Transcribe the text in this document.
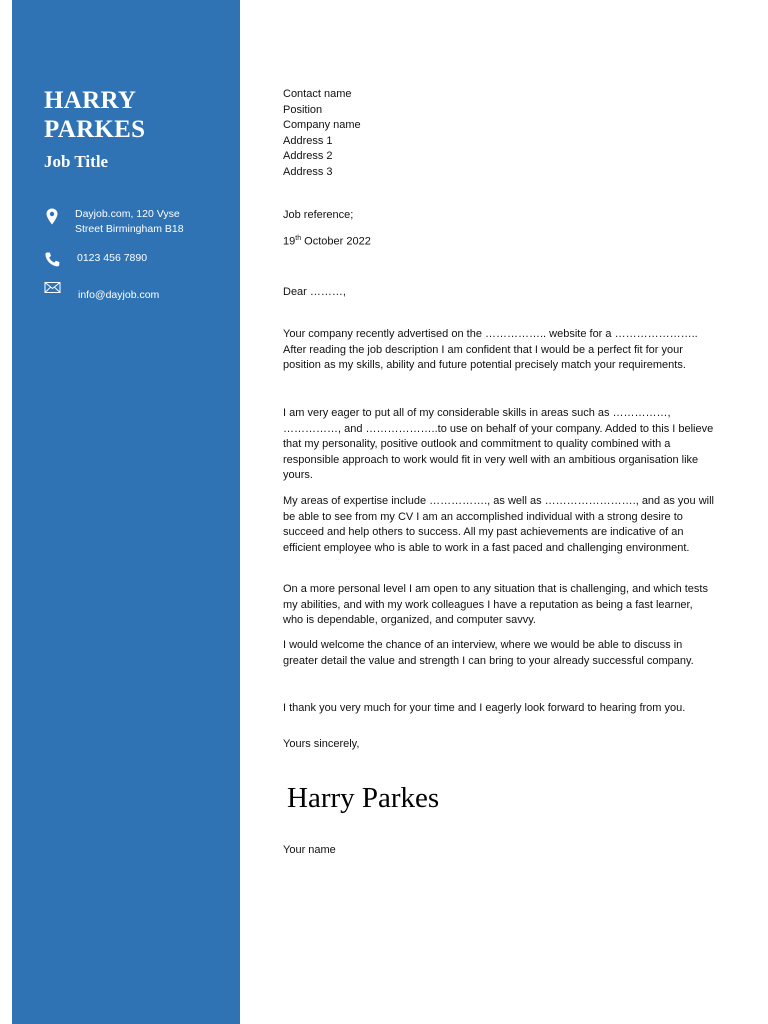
HARRY
PARKES
Job Title
Dayjob.com, 120 Vyse
Street Birmingham B18
0123 456 7890
info@dayjob.com
Contact name
Position
Company name
Address 1
Address 2
Address 3
Job reference;
19th October 2022
Dear ………,

Your company recently advertised on the …………….. website for a ………………….. After reading the job description I am confident that I would be a perfect fit for your position as my skills, ability and future potential precisely match your requirements.

I am very eager to put all of my considerable skills in areas such as ……………, ……………, and ………………..to use on behalf of your company. Added to this I believe that my personality, positive outlook and commitment to quality combined with a responsible approach to work would fit in very well with an ambitious organisation like yours.

My areas of expertise include ……………., as well as ……………………., and as you will be able to see from my CV I am an accomplished individual with a strong desire to succeed and help others to success. All my past achievements are indicative of an efficient employee who is able to work in a fast paced and challenging environment.

On a more personal level I am open to any situation that is challenging, and which tests my abilities, and with my work colleagues I have a reputation as being a fast learner, who is dependable, organized, and computer savvy.

I would welcome the chance of an interview, where we would be able to discuss in greater detail the value and strength I can bring to your already successful company.

I thank you very much for your time and I eagerly look forward to hearing from you.

Yours sincerely,
Harry Parkes
Your name
